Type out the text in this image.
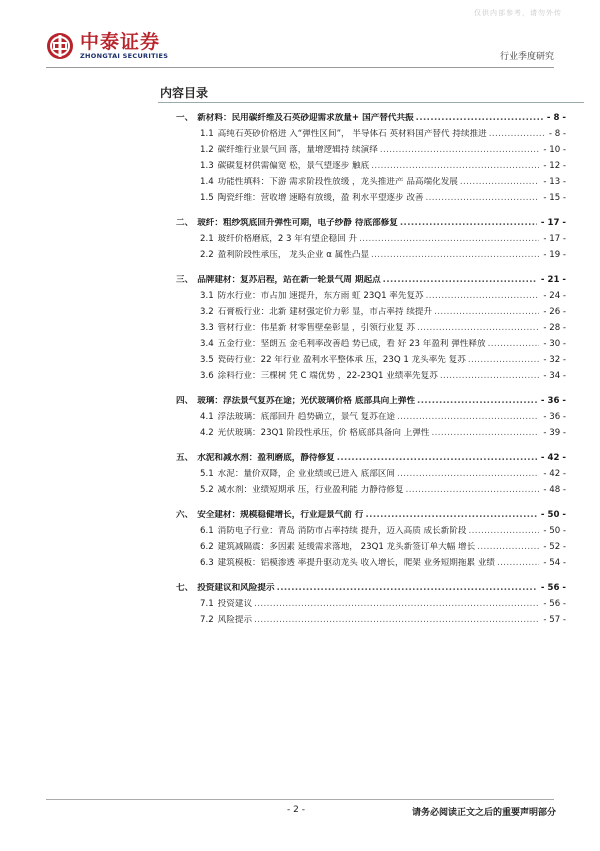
仅供内部参考，请勿外传
中泰证券
ZHONGTAI SECURITIES	行业季度研究
内容目录
一、 新材料：民用碳纤维及石英砂迎需求放量+ 国产替代共振 .....	- 8 -
1.1 高纯石英砂价格进 入“弹性区间”， 半导体石 英材料国产替代 持续推进 .....	- 8 -
1.2 碳纤维行业景气回 落，量增逻辑持 续演绎 .....	- 10 -
1.3 碳碳复材供需偏宽 松，景气望逐步 触底 .....	- 12 -
1.4 功能性填料：下游 需求阶段性放缓 ，龙头推进产 品高端化发展 .....	- 13 -
1.5 陶瓷纤维：营收增 速略有放缓，盈 利水平望逐步 改善 .....	- 15 -
二、 玻纤：粗纱筑底回升弹性可期，电子纱静 待底部修复 .....	- 17 -
2.1 玻纤价格磨底，2 3 年有望企稳回 升 .....	- 17 -
2.2 盈利阶段性承压， 龙头企业 α 属性凸显 .....	- 19 -
三、 品牌建材：复苏启程，站在新一轮景气周 期起点 .....	- 21 -
3.1 防水行业：市占加 速提升，东方雨 虹 23Q1 率先复苏 .....	- 24 -
3.2 石膏板行业：北新 建材强定价力彰 显，市占率持 续提升 .....	- 26 -
3.3 管材行业：伟星新 材零售壁垒彰显 ，引领行业复 苏 .....	- 28 -
3.4 五金行业：坚朗五 金毛利率改善趋 势已成，看 好 23 年盈利 弹性释放 .....	- 30 -
3.5 瓷砖行业：22 年行业 盈利水平整体承 压，23Q 1 龙头率先 复苏 .....	- 32 -
3.6 涂料行业：三棵树 凭 C 端优势 ，22-23Q1 业绩率先复苏 .....	- 34 -
四、 玻璃：浮法景气复苏在途；光伏玻璃价格 底部具向上弹性 .....	- 36 -
4.1 浮法玻璃：底部回升 趋势确立，景气 复苏在途 .....	- 36 -
4.2 光伏玻璃：23Q1 阶段性承压，价 格底部具备向 上弹性 .....	- 39 -
五、 水泥和减水剂：盈利磨底，静待修复 .....	- 42 -
5.1 水泥：量价双降，企 业业绩或已进入 底部区间 .....	- 42 -
5.2 减水剂：业绩短期承 压，行业盈利能 力静待修复 .....	- 48 -
六、 安全建材：规模稳健增长，行业迎景气前 行 .....	- 50 -
6.1 消防电子行业：青岛 消防市占率持续 提升，迈入高质 成长新阶段 .....	- 50 -
6.2 建筑减隔震：多因素 延缓需求落地， 23Q1 龙头新签订单大幅 增长 .....	- 52 -
6.3 建筑模板：铝模渗透 率提升驱动龙头 收入增长，爬架 业务短期拖累 业绩 .....	- 54 -
七、 投资建议和风险提示 .....	- 56 -
7.1 投资建议 .....	- 56 -
7.2 风险提示 .....	- 57 -
- 2 -	请务必阅读正文之后的重要声明部分
